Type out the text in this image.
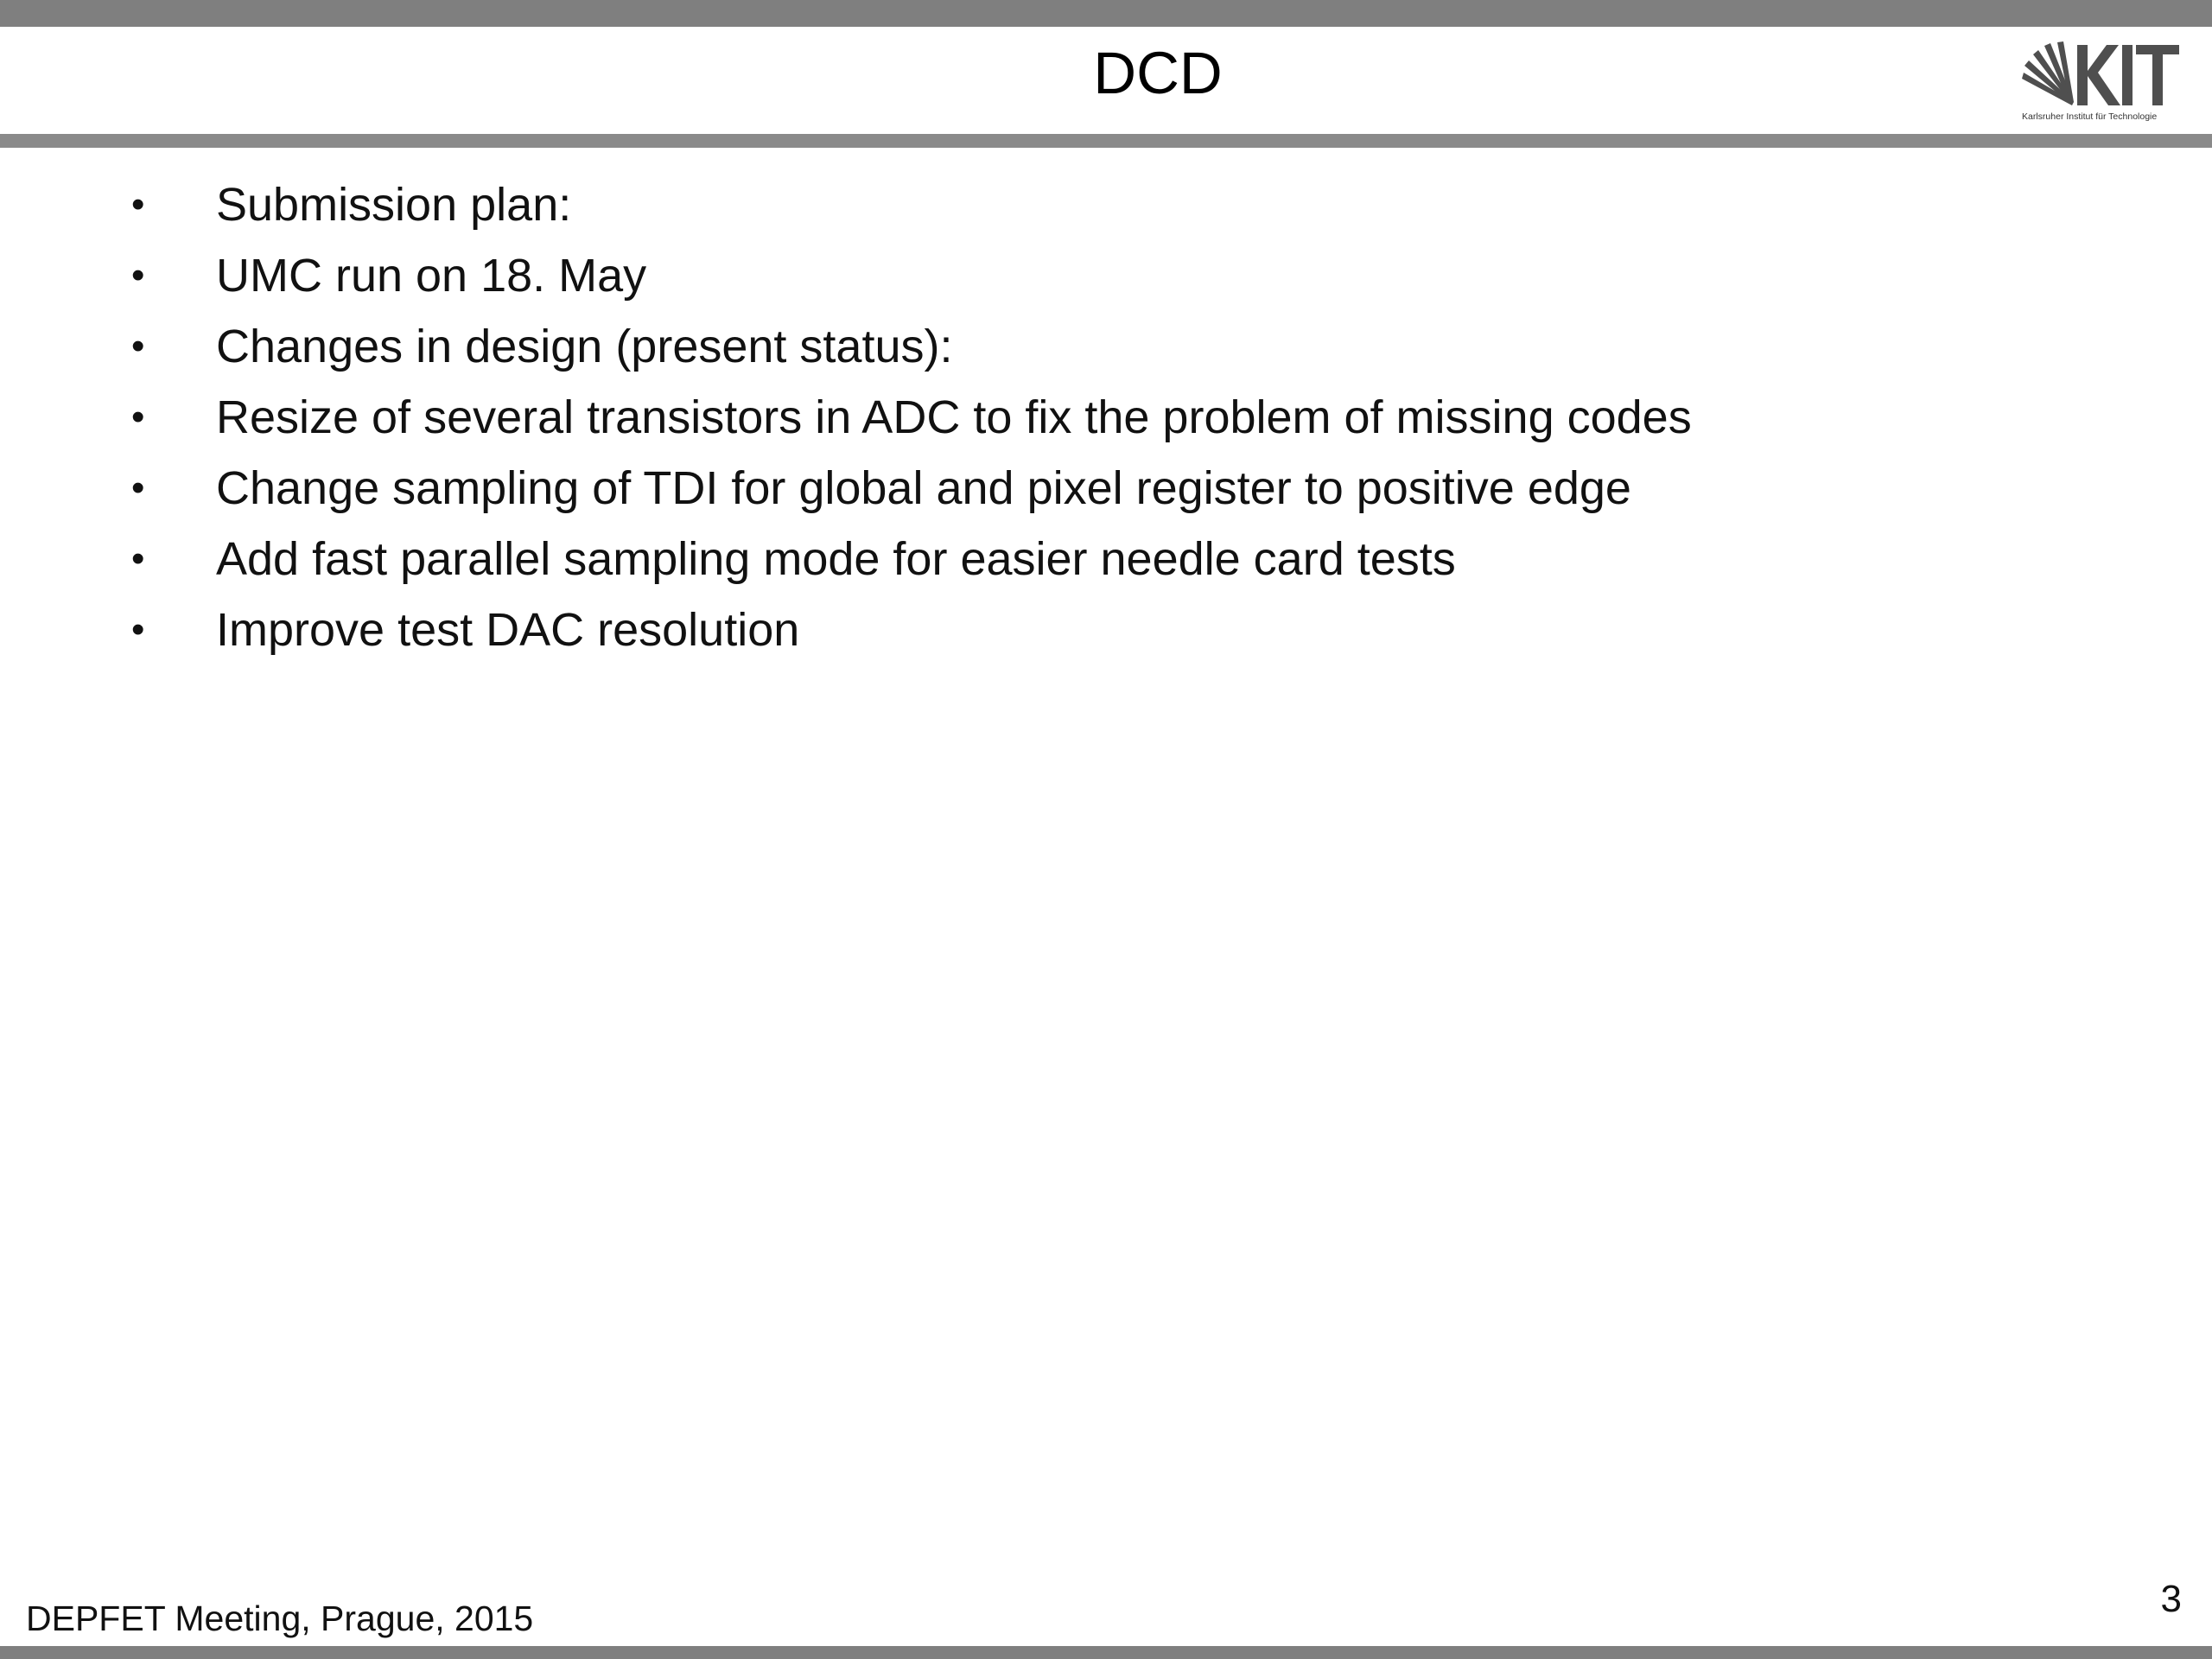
DCD
Karlsruher Institut für Technologie
• Submission plan:
• UMC run on 18. May
• Changes in design (present status):
• Resize of several transistors in ADC to fix the problem of missing codes
• Change sampling of TDI for global and pixel register to positive edge
• Add fast parallel sampling mode for easier needle card tests
• Improve test DAC resolution
DEPFET Meeting, Prague, 2015	3
